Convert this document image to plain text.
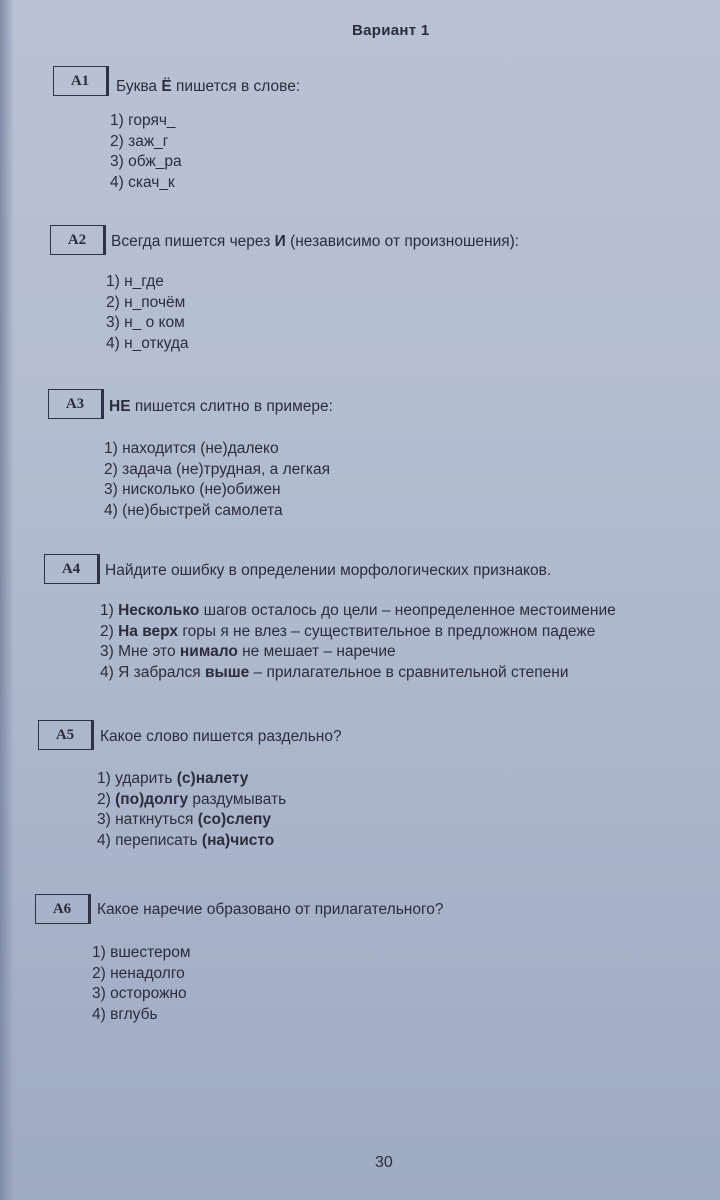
Вариант 1
A1	Буква Ё пишется в слове:
1) горяч_
2) заж_г
3) обж_ра
4) скач_к
A2	Всегда пишется через И (независимо от произношения):
1) н_где
2) н_почём
3) н_ о ком
4) н_откуда
A3	НЕ пишется слитно в примере:
1) находится (не)далеко
2) задача (не)трудная, а легкая
3) нисколько (не)обижен
4) (не)быстрей самолета
A4	Найдите ошибку в определении морфологических признаков.
1) Несколько шагов осталось до цели – неопределенное местоимение
2) На верх горы я не влез – существительное в предложном падеже
3) Мне это нимало не мешает – наречие
4) Я забрался выше – прилагательное в сравнительной степени
A5	Какое слово пишется раздельно?
1) ударить (с)налету
2) (по)долгу раздумывать
3) наткнуться (со)слепу
4) переписать (на)чисто
A6	Какое наречие образовано от прилагательного?
1) вшестером
2) ненадолго
3) осторожно
4) вглубь
30
